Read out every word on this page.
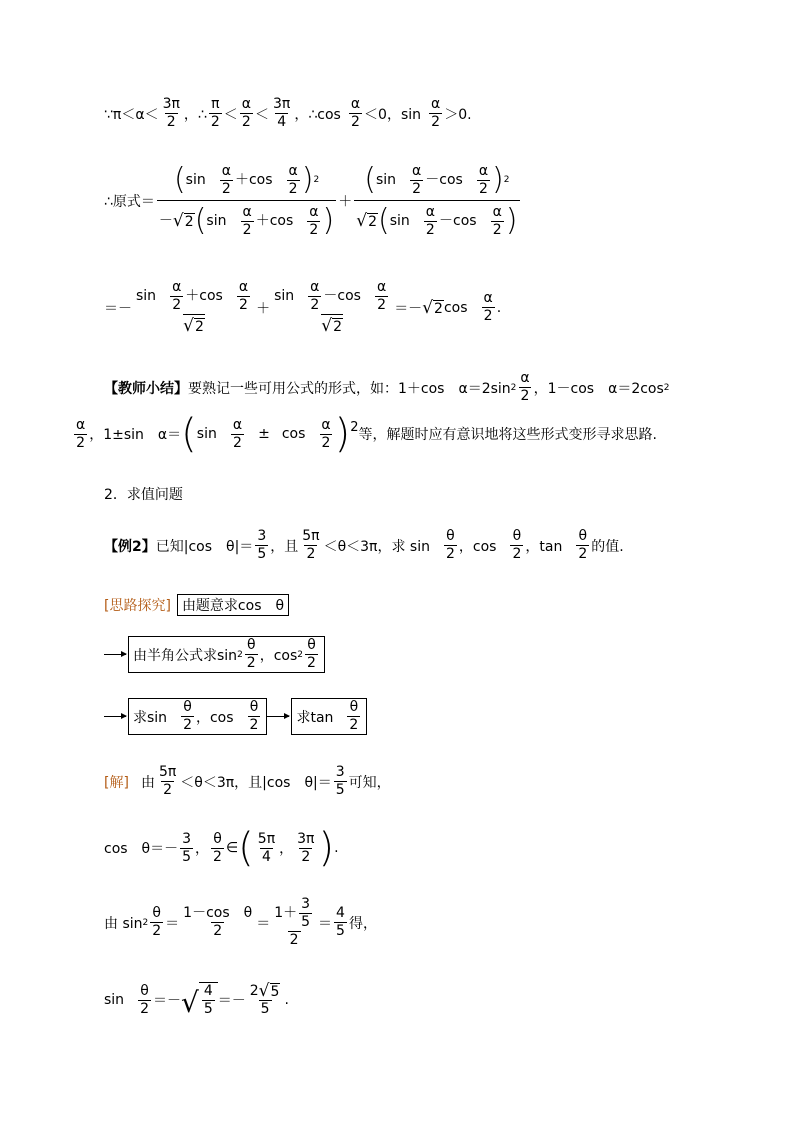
∵π＜α＜ $\frac{3\pi}{2}$ ，∴ $\frac{\pi}{2} < \frac{\alpha}{2} < \frac{3\pi}{4}$ ，∴cos $\frac{\alpha}{2} <0$，$\sin \frac{\alpha}{2} >0$.
∴原式＝ $\frac{( \sin \frac{\alpha}{2} + \cos \frac{\alpha}{2} ) 2}{- √ 2 ( \sin \frac{\alpha}{2} + \cos \frac{\alpha}{2} )} + \frac{( \sin \frac{\alpha}{2} - \cos \frac{\alpha}{2} ) 2}{√ 2 ( \sin \frac{\alpha}{2} - \cos \frac{\alpha}{2} )}$
＝－ $\frac{\sin \frac{\alpha}{2} + \cos \frac{\alpha}{2}}{√ 2} + \frac{\sin \frac{\alpha}{2} - \cos \frac{\alpha}{2}}{√ 2}$ ＝－ √ 2 $\cos \frac{\alpha}{2}$ .
【教师小结】 要熟记一些可用公式的形式，如：1＋cos　α＝2sin $2 \frac{\alpha}{2}$ ，1－cos　α＝2cos 2
$\frac{\alpha}{2}$ ，1±sin　α＝ ( $\sin \frac{\alpha}{2} \pm \cos \frac{\alpha}{2}$ ) 2 等，解题时应有意识地将这些形式变形寻求思路.
2．求值问题
【例2】 已知|cos　$\theta|= \frac{3}{5}$ ，且 $\frac{5\pi}{2} <\theta<3\pi$，求 $\sin \frac{\theta}{2}$ ，$\cos \frac{\theta}{2}$ ，$\tan \frac{\theta}{2}$ 的值.
[思路探究] 由题意求cos　θ
由半角公式求$\sin 2 \frac{\theta}{2}$ ，$\cos 2 \frac{\theta}{2}$
求$\sin \frac{\theta}{2}$ ，$\cos \frac{\theta}{2}$	求$\tan \frac{\theta}{2}$
[解] 由 $\frac{5\pi}{2} <\theta<3\pi$，且|cos　$\theta|= \frac{3}{5}$ 可知，
cos　$\theta=- \frac{3}{5}$ ， $\frac{\theta}{2}$ ∈ ( $\frac{5\pi}{4}$ ， $\frac{3\pi}{2}$ ) .
由 $\sin 2 \frac{\theta}{2} = \frac{\text{1－cos　θ}}{2} = \frac{1+ \frac{3}{5}}{2} = \frac{4}{5}$ 得，
$\sin \frac{\theta}{2}$ ＝－ √ $\frac{4}{5} =- \frac{2 √ 5}{5}$ .
